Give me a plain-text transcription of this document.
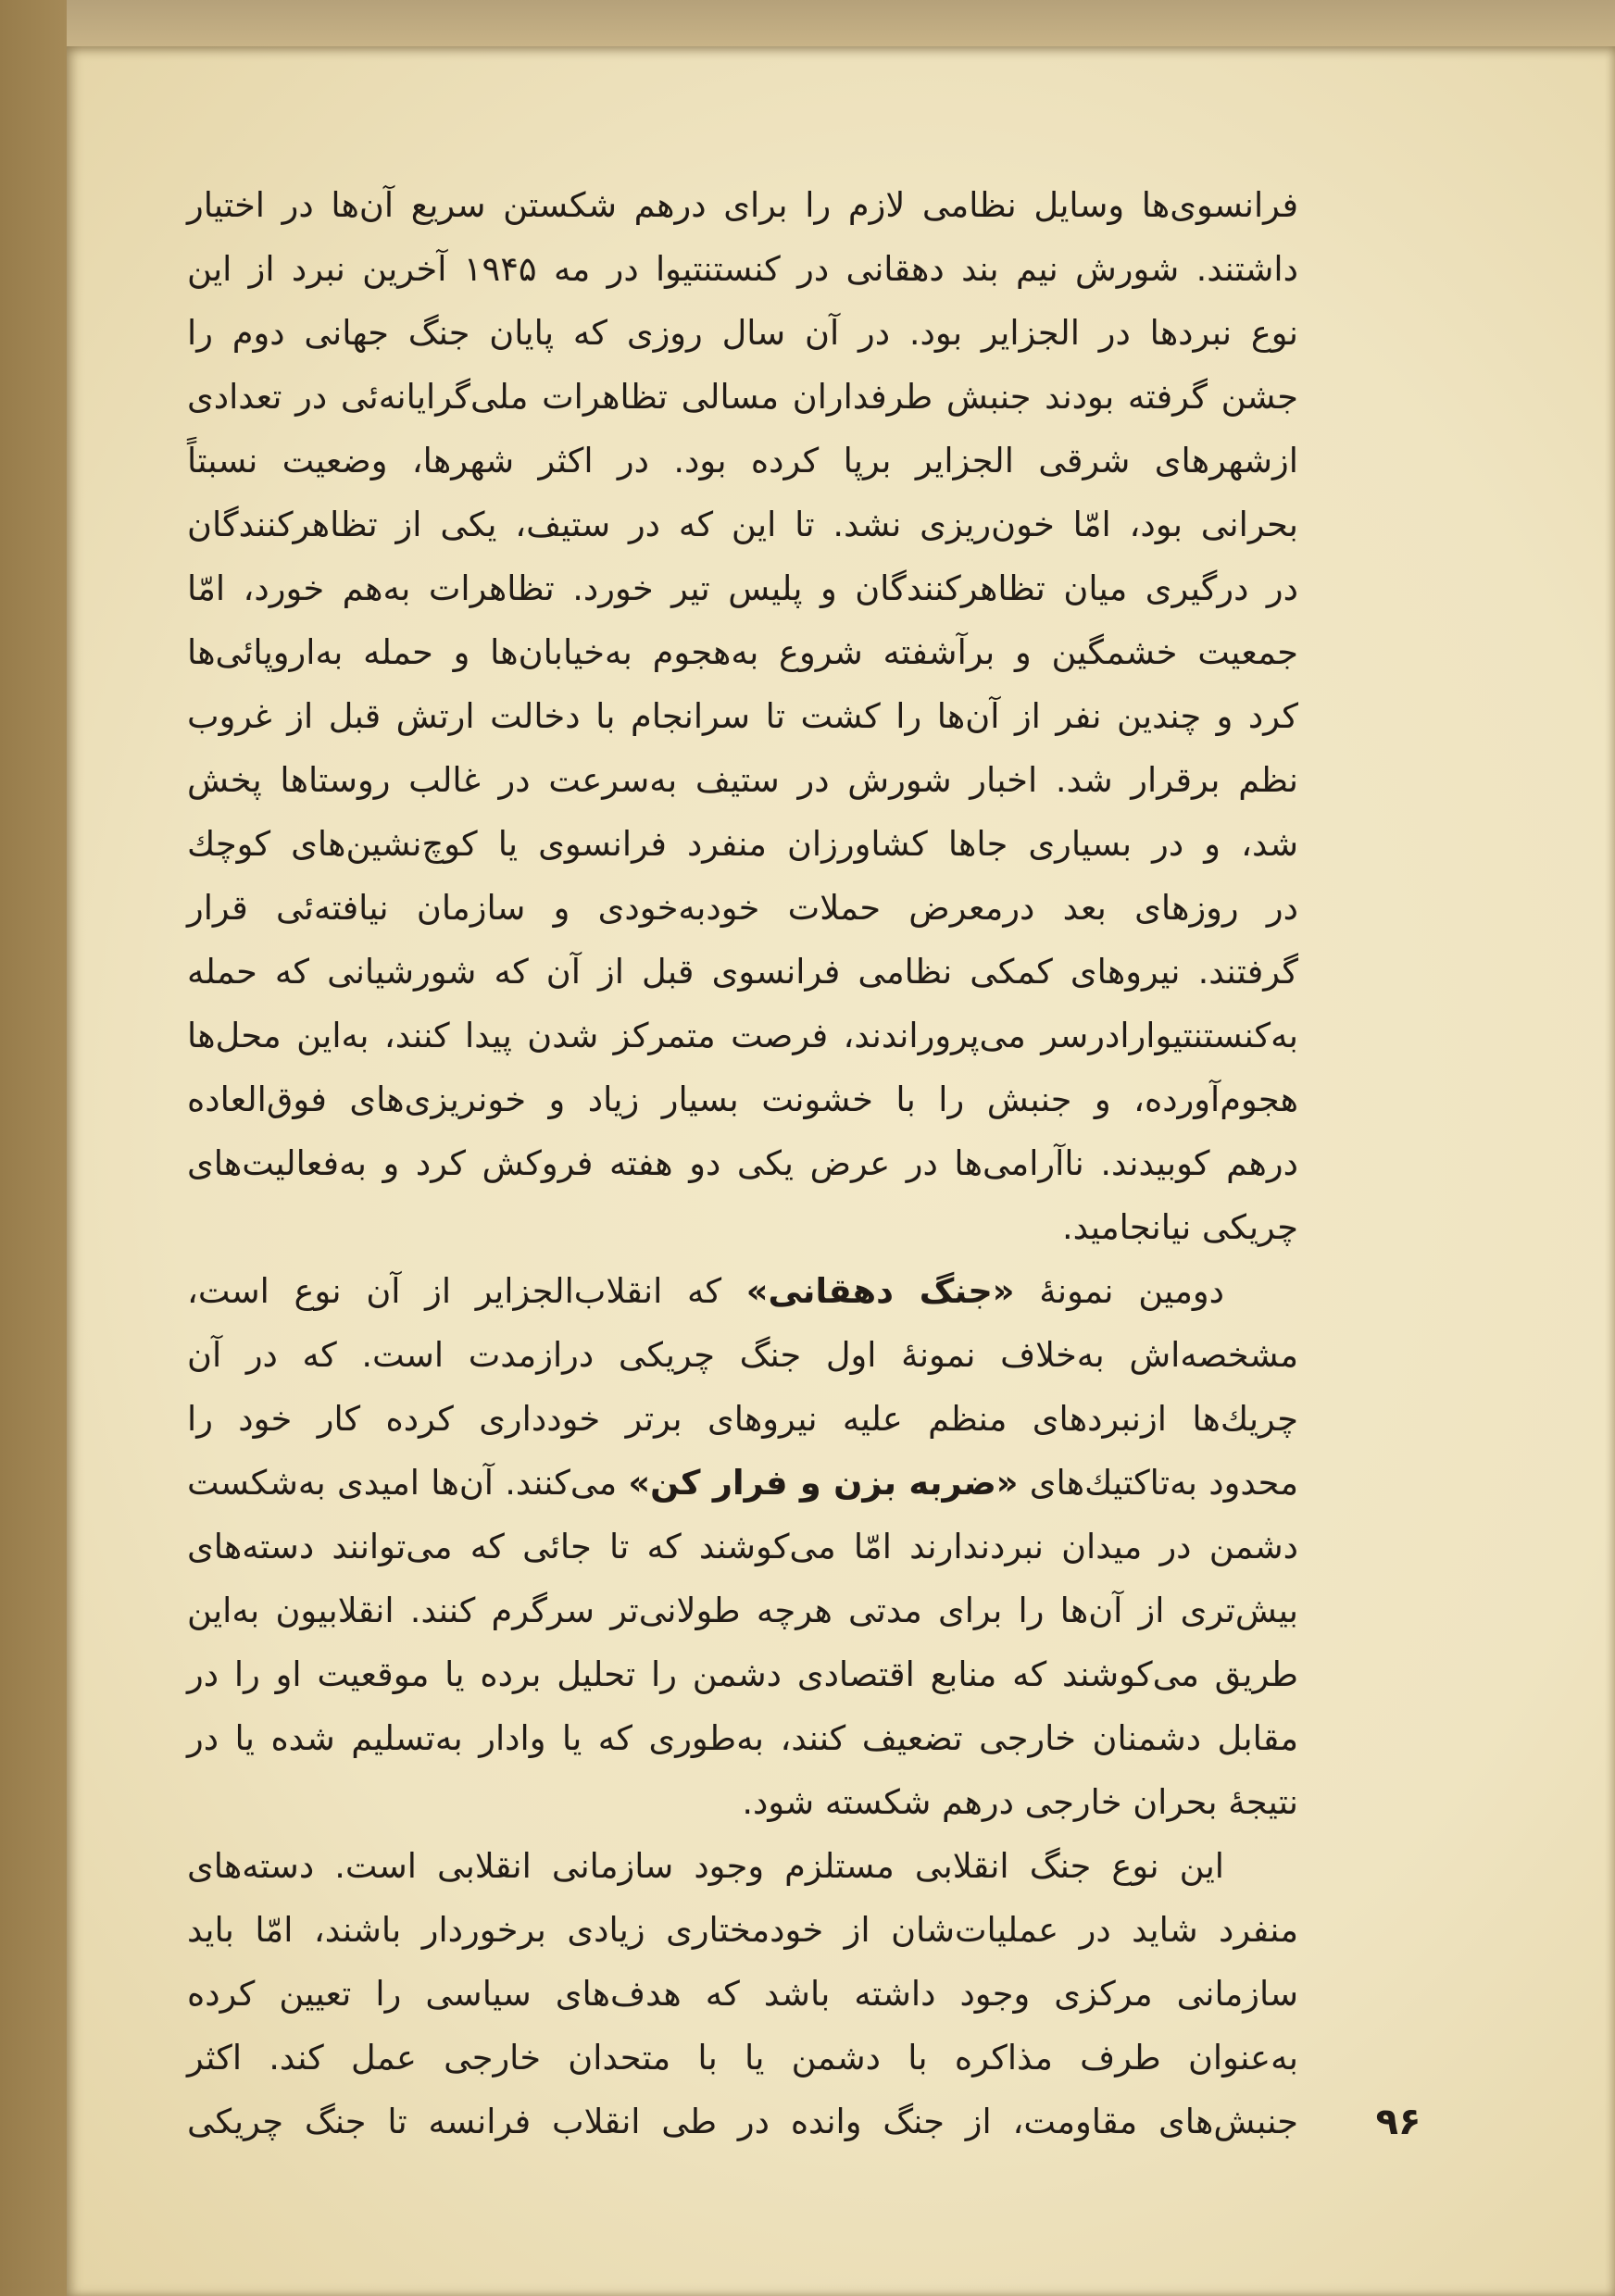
فرانسوی‌ها وسایل نظامی لازم را برای درهم شکستن سریع آن‌ها در اختیار
داشتند. شورش نیم بند دهقانی در کنستنتیوا در مه ۱۹۴۵ آخرین نبرد از این
نوع نبردها در الجزایر بود. در آن سال روزی که پایان جنگ جهانی دوم را
جشن گرفته بودند جنبش طرفداران مسالی تظاهرات ملی‌گرایانه‌ئی در تعدادی
ازشهرهای شرقی الجزایر برپا کرده بود. در اکثر شهرها، وضعیت نسبتاً
بحرانی بود، امّا خون‌ریزی نشد. تا این که در ستیف، یکی از تظاهرکنندگان
در درگیری میان تظاهرکنندگان و پلیس تیر خورد. تظاهرات به‌هم خورد، امّا
جمعیت خشمگین و برآشفته شروع به‌هجوم به‌خیابان‌ها و حمله به‌اروپائی‌ها
کرد و چندین نفر از آن‌ها را کشت تا سرانجام با دخالت ارتش قبل از غروب
نظم برقرار شد. اخبار شورش در ستیف به‌سرعت در غالب روستاها پخش
شد، و در بسیاری جاها کشاورزان منفرد فرانسوی یا کوچ‌نشین‌های کوچك
در روزهای بعد درمعرض حملات خودبه‌خودی و سازمان نیافته‌ئی قرار
گرفتند. نیروهای کمکی نظامی فرانسوی قبل از آن که شورشیانی که حمله
به‌کنستنتیوارادرسر می‌پروراندند، فرصت متمرکز شدن پیدا کنند، به‌این محل‌ها
هجوم‌آورده، و جنبش را با خشونت بسیار زیاد و خونریزی‌های فوق‌العاده
درهم کوبیدند. ناآرامی‌ها در عرض یکی دو هفته فروکش کرد و به‌فعالیت‌های
چریکی نیانجامید.
دومین نمونهٔ «جنگ دهقانی» که انقلاب‌الجزایر از آن نوع است،
مشخصه‌اش به‌خلاف نمونهٔ اول جنگ چریکی درازمدت است. که در آن
چریك‌ها ازنبردهای منظم علیه نیروهای برتر خودداری کرده کار خود را
محدود به‌تاکتیك‌های «ضربه بزن و فرار کن» می‌کنند. آن‌ها امیدی به‌شکست
دشمن در میدان نبردندارند امّا می‌کوشند که تا جائی که می‌توانند دسته‌های
بیش‌تری از آن‌ها را برای مدتی هرچه طولانی‌تر سرگرم کنند. انقلابیون به‌این
طریق می‌کوشند که منابع اقتصادی دشمن را تحلیل برده یا موقعیت او را در
مقابل دشمنان خارجی تضعیف کنند، به‌طوری که یا وادار به‌تسلیم شده یا در
نتیجهٔ بحران خارجی درهم شکسته شود.
این نوع جنگ انقلابی مستلزم وجود سازمانی انقلابی است. دسته‌های
منفرد شاید در عملیات‌شان از خودمختاری زیادی برخوردار باشند، امّا باید
سازمانی مرکزی وجود داشته باشد که هدف‌های سیاسی را تعیین کرده
به‌عنوان طرف مذاکره با دشمن یا با متحدان خارجی عمل کند. اکثر
جنبش‌های مقاومت، از جنگ وانده در طی انقلاب فرانسه تا جنگ چریکی	۹۶
